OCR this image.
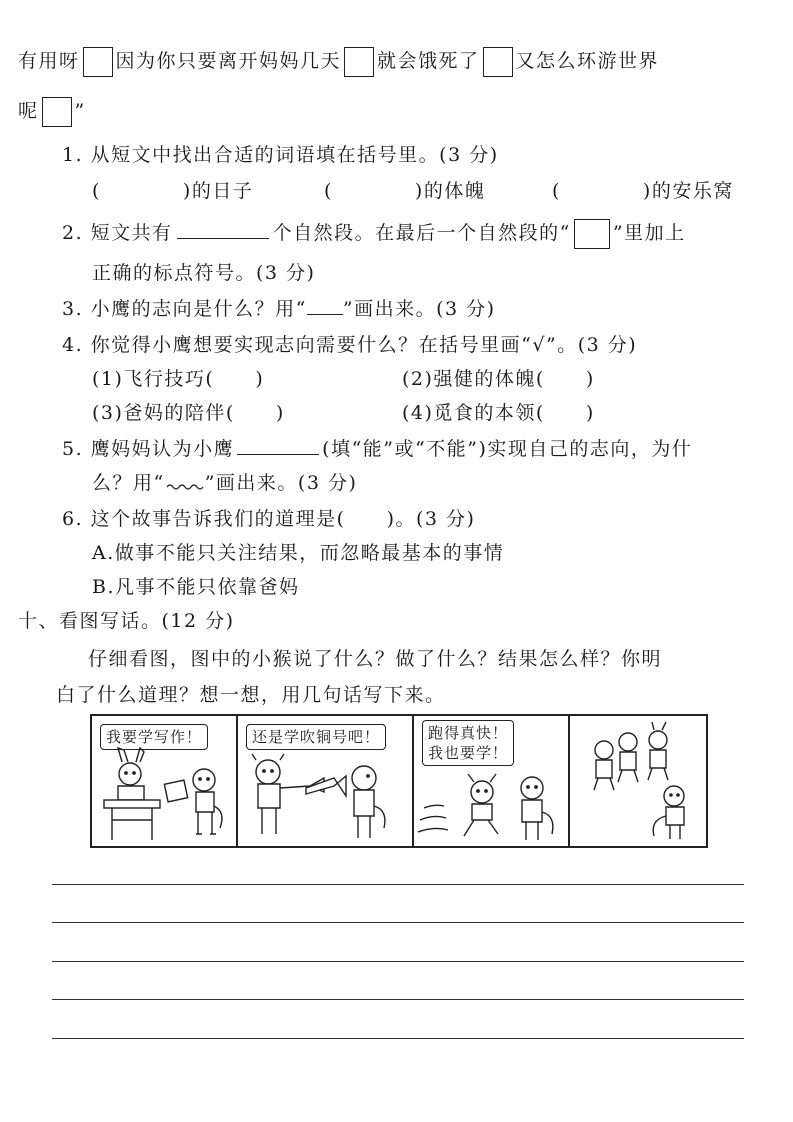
有用呀 因为你只要离开妈妈几天 就会饿死了 又怎么环游世界
呢 ”
1. 从短文中找出合适的词语填在括号里。(3 分)
(　　　　)的日子	(　　　　)的体魄	(　　　　)的安乐窝
2. 短文共有	个自然段。在最后一个自然段的“ ”里加上
正确的标点符号。(3 分)
3. 小鹰的志向是什么？用“ ”画出来。(3 分)
4. 你觉得小鹰想要实现志向需要什么？在括号里画“√”。(3 分)
(1)飞行技巧(　　)	(2)强健的体魄(　　)
(3)爸妈的陪伴(　　)	(4)觅食的本领(　　)
5. 鹰妈妈认为小鹰	(填“能”或“不能”)实现自己的志向，为什
么？用“ ”画出来。(3 分)
6. 这个故事告诉我们的道理是(　　)。(3 分)
A.做事不能只关注结果，而忽略最基本的事情
B.凡事不能只依靠爸妈
十、看图写话。(12 分)
仔细看图，图中的小猴说了什么？做了什么？结果怎么样？你明
白了什么道理？想一想，用几句话写下来。
我要学写作！	还是学吹铜号吧！	跑得真快！
我也要学！
